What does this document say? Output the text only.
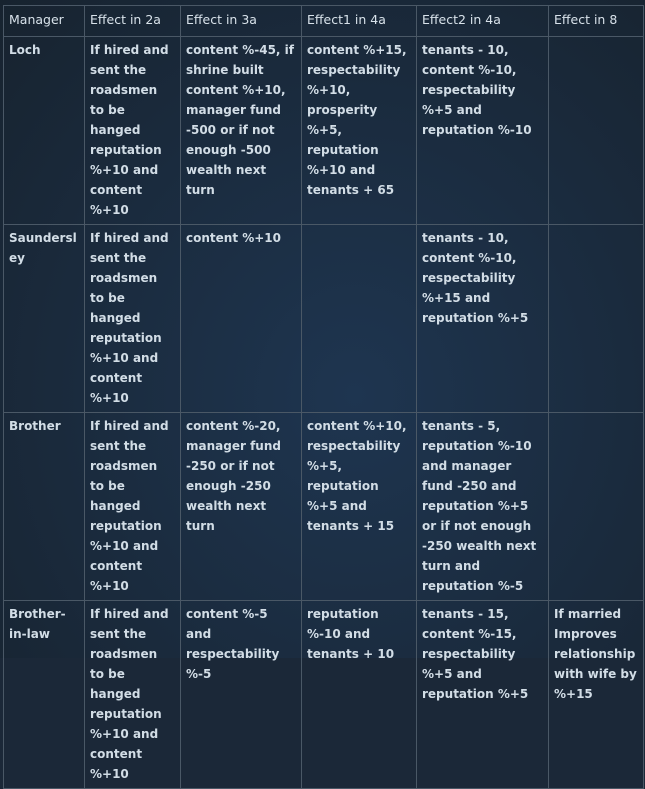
Manager	Effect in 2a	Effect in 3a	Effect1 in 4a	Effect2 in 4a	Effect in 8
Loch	If hired and sent the roadsmen to be hanged reputation %+10 and content %+10	content %-45, if shrine built content %+10, manager fund -500 or if not enough -500 wealth next turn	content %+15, respectability %+10, prosperity %+5, reputation %+10 and tenants + 65	tenants - 10, content %-10, respectability %+5 and reputation %-10	
Saundersley	If hired and sent the roadsmen to be hanged reputation %+10 and content %+10	content %+10		tenants - 10, content %-10, respectability %+15 and reputation %+5	
Brother	If hired and sent the roadsmen to be hanged reputation %+10 and content %+10	content %-20, manager fund -250 or if not enough -250 wealth next turn	content %+10, respectability %+5, reputation %+5 and tenants + 15	tenants - 5, reputation %-10 and manager fund -250 and reputation %+5 or if not enough -250 wealth next turn and reputation %-5	
Brother-in-law	If hired and sent the roadsmen to be hanged reputation %+10 and content %+10	content %-5 and respectability %-5	reputation %-10 and tenants + 10	tenants - 15, content %-15, respectability %+5 and reputation %+5	If married Improves relationship with wife by %+15
